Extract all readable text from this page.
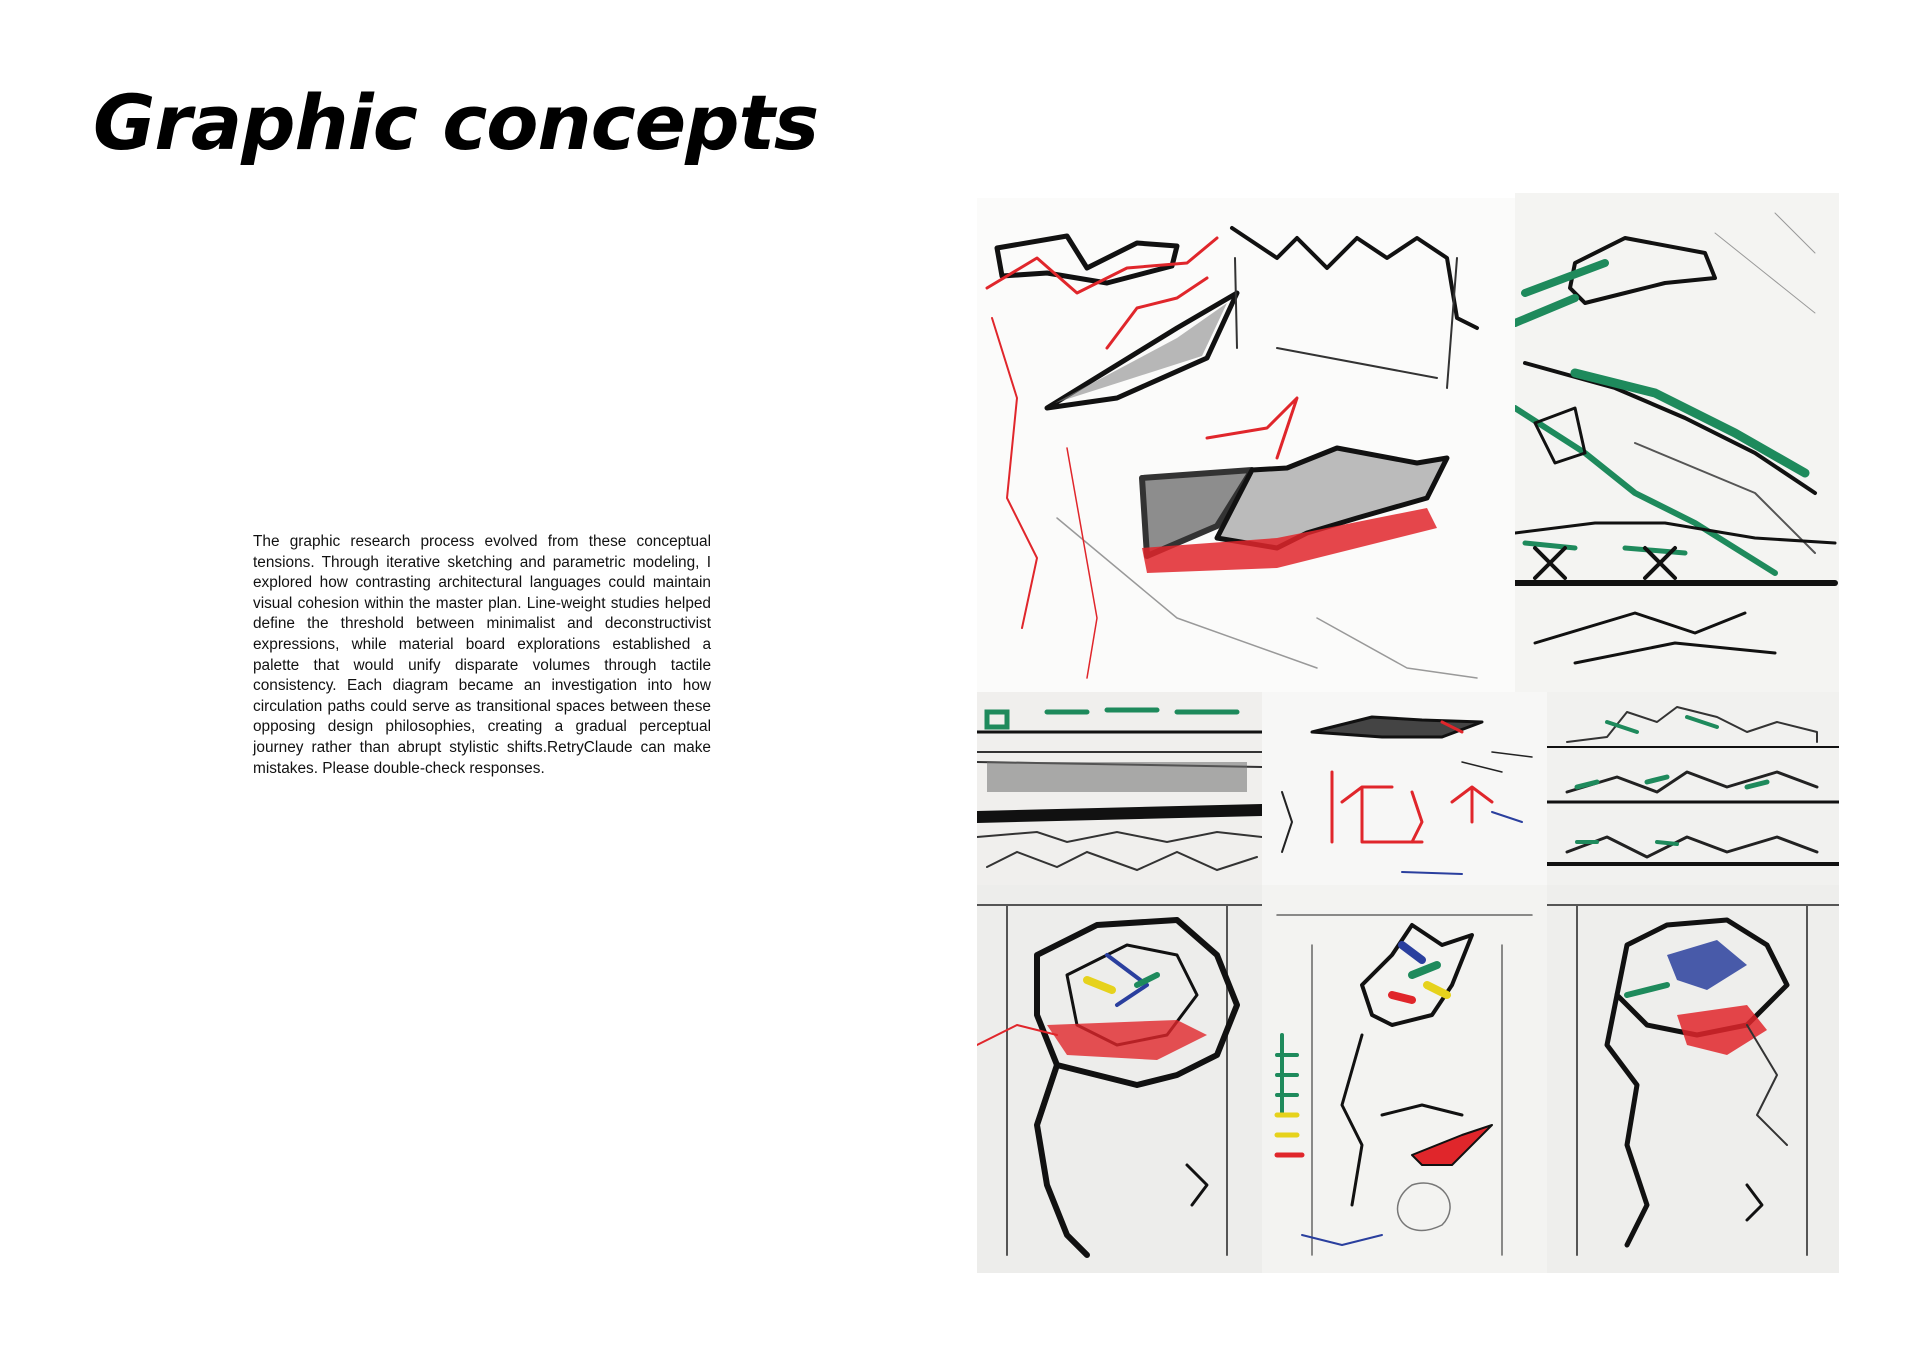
Graphic concepts

The graphic research process evolved from these conceptual tensions. Through iterative sketching and parametric modeling, I explored how contrasting architectural languages could maintain visual cohesion within the master plan. Line-weight studies helped define the threshold between minimalist and deconstructivist expressions, while material board explorations established a palette that would unify disparate volumes through tactile consistency. Each diagram became an investigation into how circulation paths could serve as transitional spaces between these opposing design philosophies, creating a gradual perceptual journey rather than abrupt stylistic shifts.RetryClaude can make mistakes. Please double-check responses.
